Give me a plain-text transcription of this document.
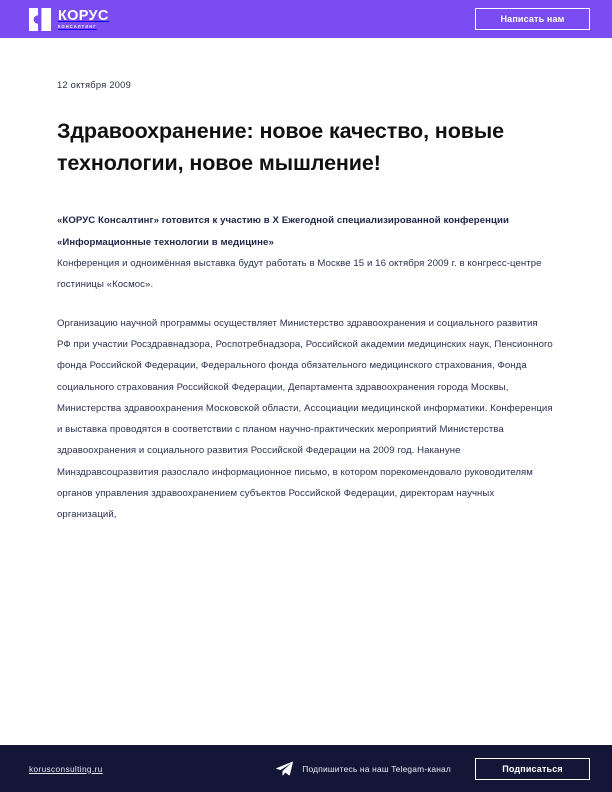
КОРУС
КОНСАЛТИНГ
Написать нам
12 октября 2009
Здравоохранение: новое качество, новые технологии, новое мышление!

«КОРУС Консалтинг» готовится к участию в X Ежегодной специализированной конференции «Информационные технологии в медицине»

Конференция и одноимённая выставка будут работать в Москве 15 и 16 октября 2009 г. в конгресс-центре гостиницы «Космос».

Организацию научной программы осуществляет Министерство здравоохранения и социального развития РФ при участии Росздравнадзора, Роспотребнадзора, Российской академии медицинских наук, Пенсионного фонда Российской Федерации, Федерального фонда обязательного медицинского страхования, Фонда социального страхования Российской Федерации, Департамента здравоохранения города Москвы, Министерства здравоохранения Московской области, Ассоциации медицинской информатики. Конференция и выставка проводятся в соответствии с планом научно-практических мероприятий Министерства здравоохранения и социального развития Российской Федерации на 2009 год. Накануне Минздравсоцразвития разослало информационное письмо, в котором порекомендовало руководителям органов управления здравоохранением субъектов Российской Федерации, директорам научных организаций,

korusconsulting.ru	Подпишитесь на наш Telegam-канал	Подписаться
